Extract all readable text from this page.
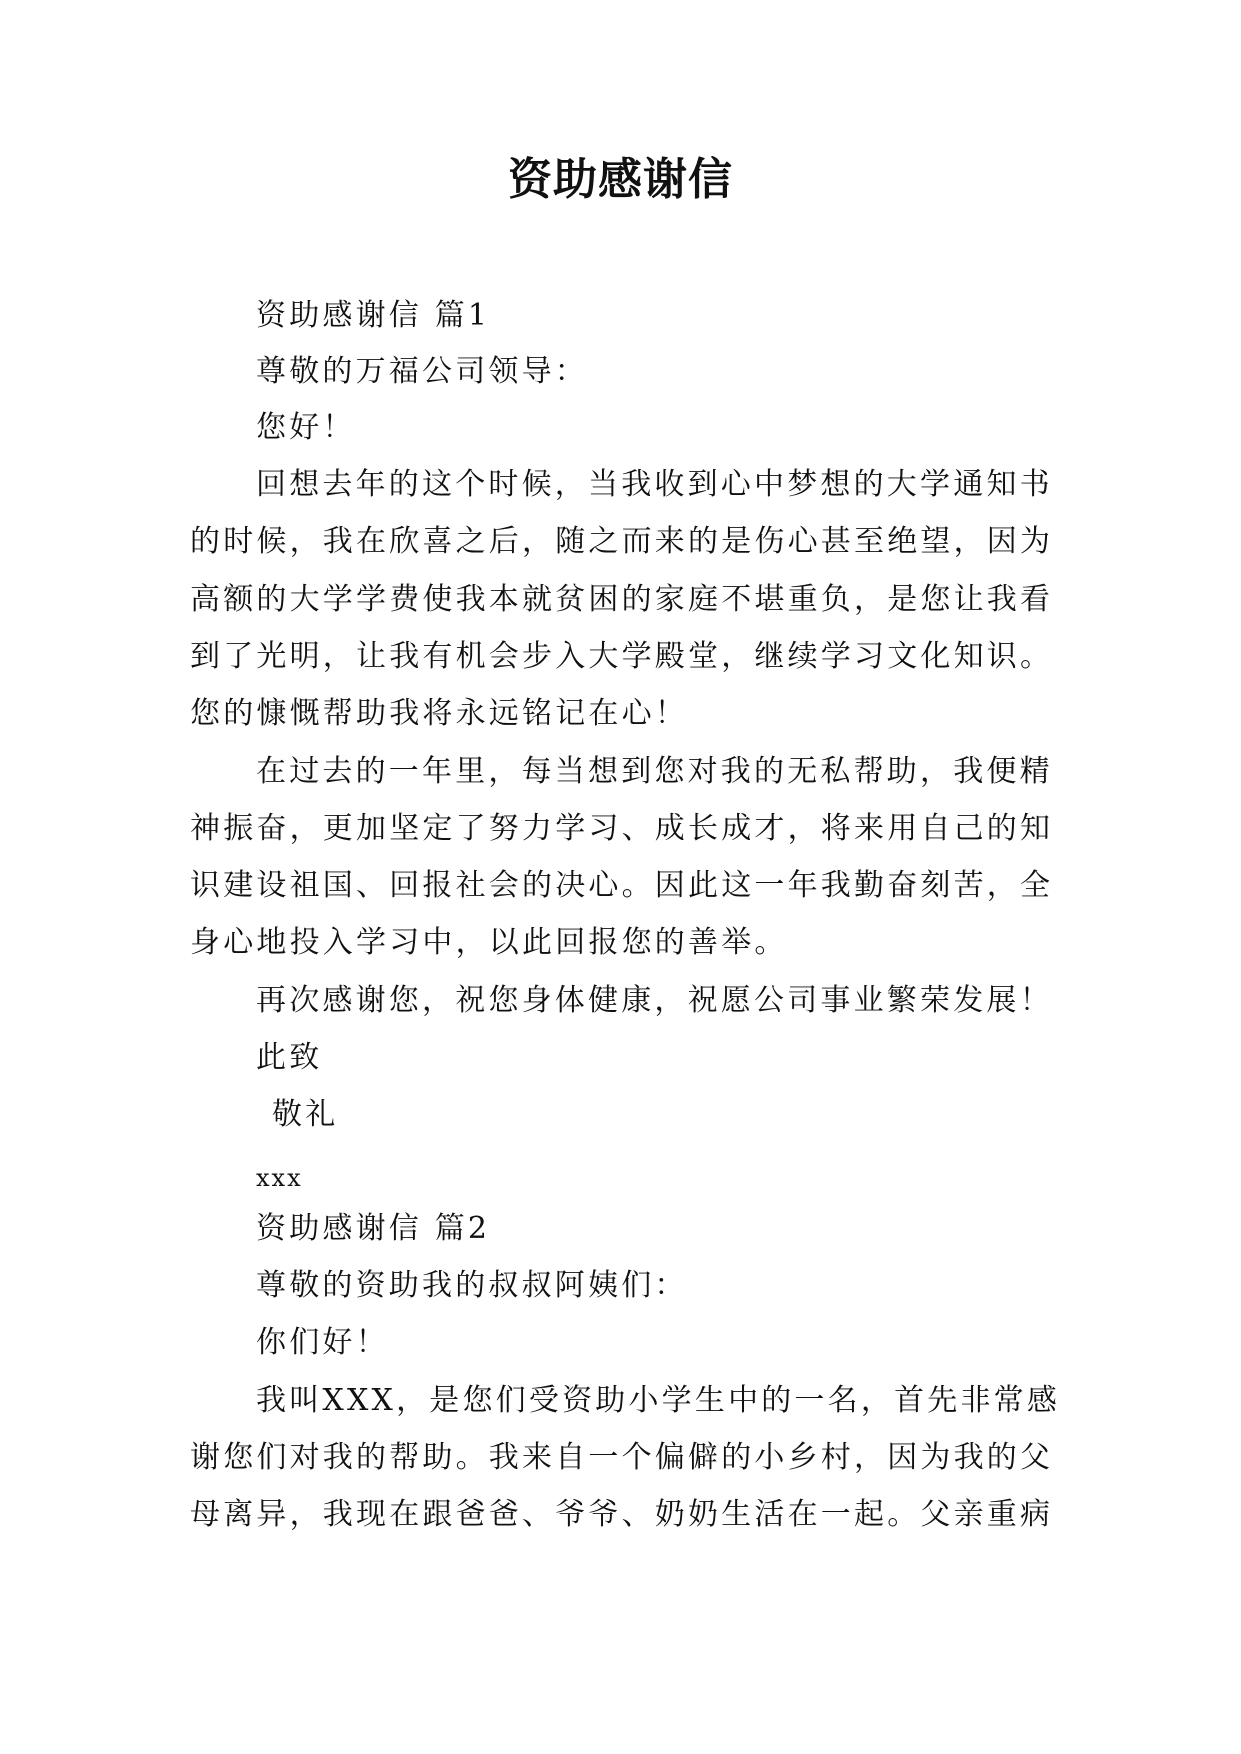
资助感谢信
资助感谢信 篇1
尊敬的万福公司领导：
您好！
回想去年的这个时候，当我收到心中梦想的大学通知书
的时候，我在欣喜之后，随之而来的是伤心甚至绝望，因为
高额的大学学费使我本就贫困的家庭不堪重负，是您让我看
到了光明，让我有机会步入大学殿堂，继续学习文化知识。
您的慷慨帮助我将永远铭记在心！
在过去的一年里，每当想到您对我的无私帮助，我便精
神振奋，更加坚定了努力学习、成长成才，将来用自己的知
识建设祖国、回报社会的决心。因此这一年我勤奋刻苦，全
身心地投入学习中，以此回报您的善举。
再次感谢您，祝您身体健康，祝愿公司事业繁荣发展！
此致
敬礼
xxx
资助感谢信 篇2
尊敬的资助我的叔叔阿姨们：
你们好！
我叫XXX，是您们受资助小学生中的一名，首先非常感
谢您们对我的帮助。我来自一个偏僻的小乡村，因为我的父
母离异，我现在跟爸爸、爷爷、奶奶生活在一起。父亲重病
